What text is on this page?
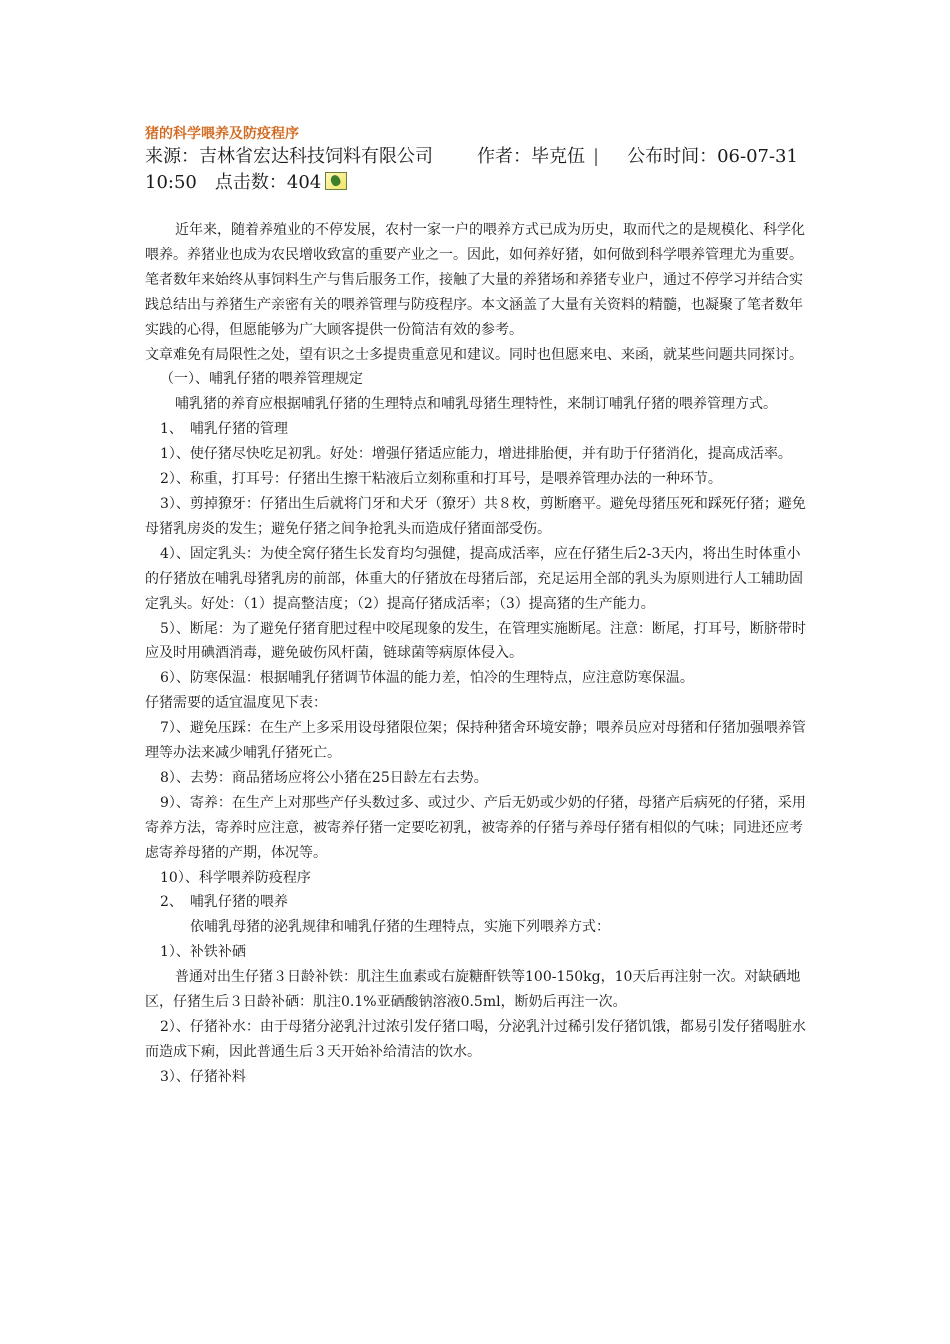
猪的科学喂养及防疫程序
来源：吉林省宏达科技饲料有限公司 作者：毕克伍 | 公布时间：06-07-31 10:50 点击数：404

近年来，随着养殖业的不停发展，农村一家一户的喂养方式已成为历史，取而代之的是规模化、科学化喂养。养猪业也成为农民增收致富的重要产业之一。因此，如何养好猪，如何做到科学喂养管理尤为重要。

笔者数年来始终从事饲料生产与售后服务工作，接触了大量的养猪场和养猪专业户，通过不停学习并结合实践总结出与养猪生产亲密有关的喂养管理与防疫程序。本文涵盖了大量有关资料的精髓，也凝聚了笔者数年实践的心得，但愿能够为广大顾客提供一份简洁有效的参考。

文章难免有局限性之处，望有识之士多提贵重意见和建议。同时也但愿来电、来函，就某些问题共同探讨。

（一）、哺乳仔猪的喂养管理规定

哺乳猪的养育应根据哺乳仔猪的生理特点和哺乳母猪生理特性，来制订哺乳仔猪的喂养管理方式。

1、　哺乳仔猪的管理

1）、使仔猪尽快吃足初乳。好处：增强仔猪适应能力，增进排胎便，并有助于仔猪消化，提高成活率。

2）、称重，打耳号：仔猪出生擦干粘液后立刻称重和打耳号，是喂养管理办法的一种环节。

3）、剪掉獠牙：仔猪出生后就将门牙和犬牙（獠牙）共８枚，剪断磨平。避免母猪压死和踩死仔猪；避免母猪乳房炎的发生；避免仔猪之间争抢乳头而造成仔猪面部受伤。

4）、固定乳头：为使全窝仔猪生长发育均匀强健，提高成活率，应在仔猪生后2-3天内，将出生时体重小的仔猪放在哺乳母猪乳房的前部，体重大的仔猪放在母猪后部，充足运用全部的乳头为原则进行人工辅助固定乳头。好处：（1）提高整洁度；（2）提高仔猪成活率；（3）提高猪的生产能力。

5）、断尾：为了避免仔猪育肥过程中咬尾现象的发生，在管理实施断尾。注意：断尾，打耳号，断脐带时应及时用碘酒消毒，避免破伤风杆菌，链球菌等病原体侵入。

6）、防寒保温：根据哺乳仔猪调节体温的能力差，怕冷的生理特点，应注意防寒保温。

仔猪需要的适宜温度见下表：

7）、避免压踩：在生产上多采用设母猪限位架；保持种猪舍环境安静；喂养员应对母猪和仔猪加强喂养管理等办法来减少哺乳仔猪死亡。

8）、去势：商品猪场应将公小猪在25日龄左右去势。

9）、寄养：在生产上对那些产仔头数过多、或过少、产后无奶或少奶的仔猪，母猪产后病死的仔猪，采用寄养方法，寄养时应注意，被寄养仔猪一定要吃初乳，被寄养的仔猪与养母仔猪有相似的气味；同进还应考虑寄养母猪的产期，体况等。

10）、科学喂养防疫程序

2、　哺乳仔猪的喂养

依哺乳母猪的泌乳规律和哺乳仔猪的生理特点，实施下列喂养方式：

1）、补铁补硒

普通对出生仔猪３日龄补铁：肌注生血素或右旋糖酐铁等100-150kg，10天后再注射一次。对缺硒地区，仔猪生后３日龄补硒：肌注0.1%亚硒酸钠溶液0.5ml，断奶后再注一次。

2）、仔猪补水：由于母猪分泌乳汁过浓引发仔猪口喝，分泌乳汁过稀引发仔猪饥饿，都易引发仔猪喝脏水而造成下痢，因此普通生后３天开始补给清洁的饮水。

3）、仔猪补料
